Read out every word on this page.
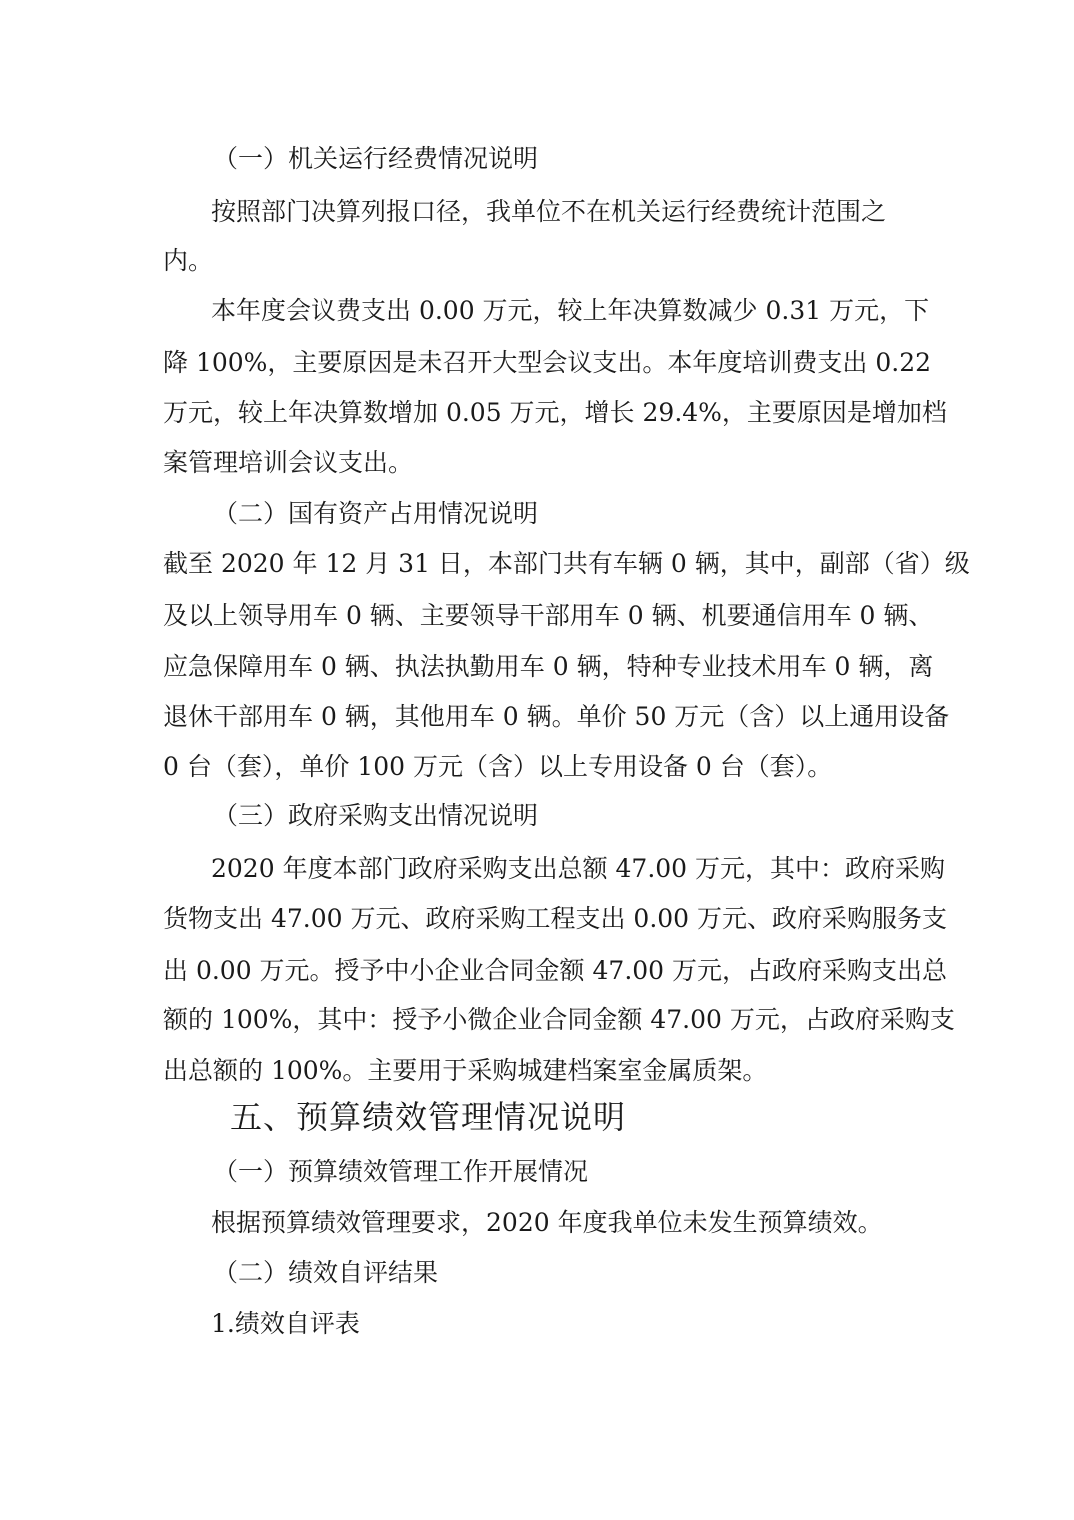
（一）机关运行经费情况说明

按照部门决算列报口径，我单位不在机关运行经费统计范围之

内。

本年度会议费支出 0.00 万元，较上年决算数减少 0.31 万元，下

降 100%，主要原因是未召开大型会议支出。本年度培训费支出 0.22

万元，较上年决算数增加 0.05 万元，增长 29.4%，主要原因是增加档

案管理培训会议支出。

（二）国有资产占用情况说明

截至 2020 年 12 月 31 日，本部门共有车辆 0 辆，其中，副部（省）级

及以上领导用车 0 辆、主要领导干部用车 0 辆、机要通信用车 0 辆、

应急保障用车 0 辆、执法执勤用车 0 辆，特种专业技术用车 0 辆，离

退休干部用车 0 辆，其他用车 0 辆。单价 50 万元（含）以上通用设备

0 台（套），单价 100 万元（含）以上专用设备 0 台（套）。

（三）政府采购支出情况说明

2020 年度本部门政府采购支出总额 47.00 万元，其中：政府采购

货物支出 47.00 万元、政府采购工程支出 0.00 万元、政府采购服务支

出 0.00 万元。授予中小企业合同金额 47.00 万元，占政府采购支出总

额的 100%，其中：授予小微企业合同金额 47.00 万元，占政府采购支

出总额的 100%。主要用于采购城建档案室金属质架。

五、预算绩效管理情况说明

（一）预算绩效管理工作开展情况

根据预算绩效管理要求，2020 年度我单位未发生预算绩效。

（二）绩效自评结果

1.绩效自评表
